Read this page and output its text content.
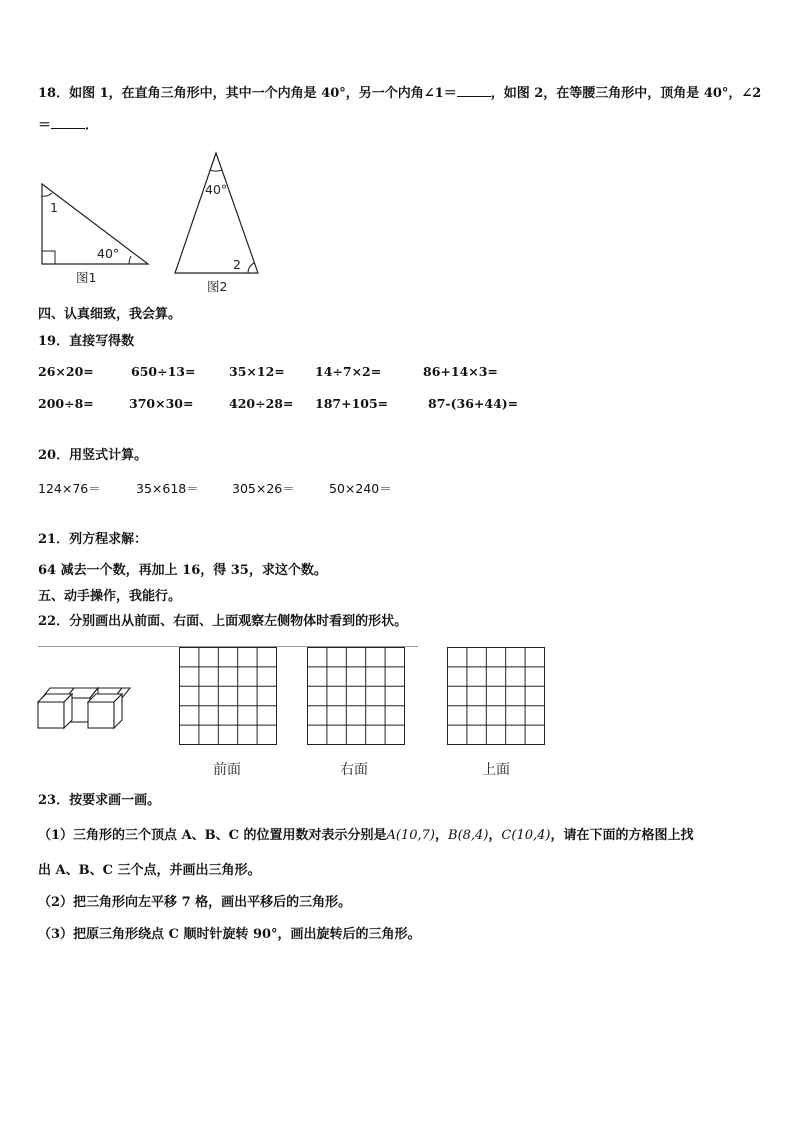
18．如图 1，在直角三角形中，其中一个内角是 40°，另一个内角∠1＝	，如图 2，在等腰三角形中，顶角是 40°，∠2
＝	．
1
40°
图1
40°
2
图2
四、认真细致，我会算。
19．直接写得数
26×20=	650÷13=	35×12= 14÷7×2=	86+14×3=
200÷8=	370×30=	420÷28= 187+105=	87-(36+44)=
20．用竖式计算。
124×76＝	35×618＝	305×26＝	50×240＝
21．列方程求解：
64 减去一个数，再加上 16，得 35，求这个数。
五、动手操作，我能行。
22．分别画出从前面、右面、上面观察左侧物体时看到的形状。
前面	右面	上面
23．按要求画一画。
（1）三角形的三个顶点 A、B、C 的位置用数对表示分别是A(10,7)，B(8,4)，C(10,4)，请在下面的方格图上找
出 A、B、C 三个点，并画出三角形。
（2）把三角形向左平移 7 格，画出平移后的三角形。
（3）把原三角形绕点 C 顺时针旋转 90°，画出旋转后的三角形。
